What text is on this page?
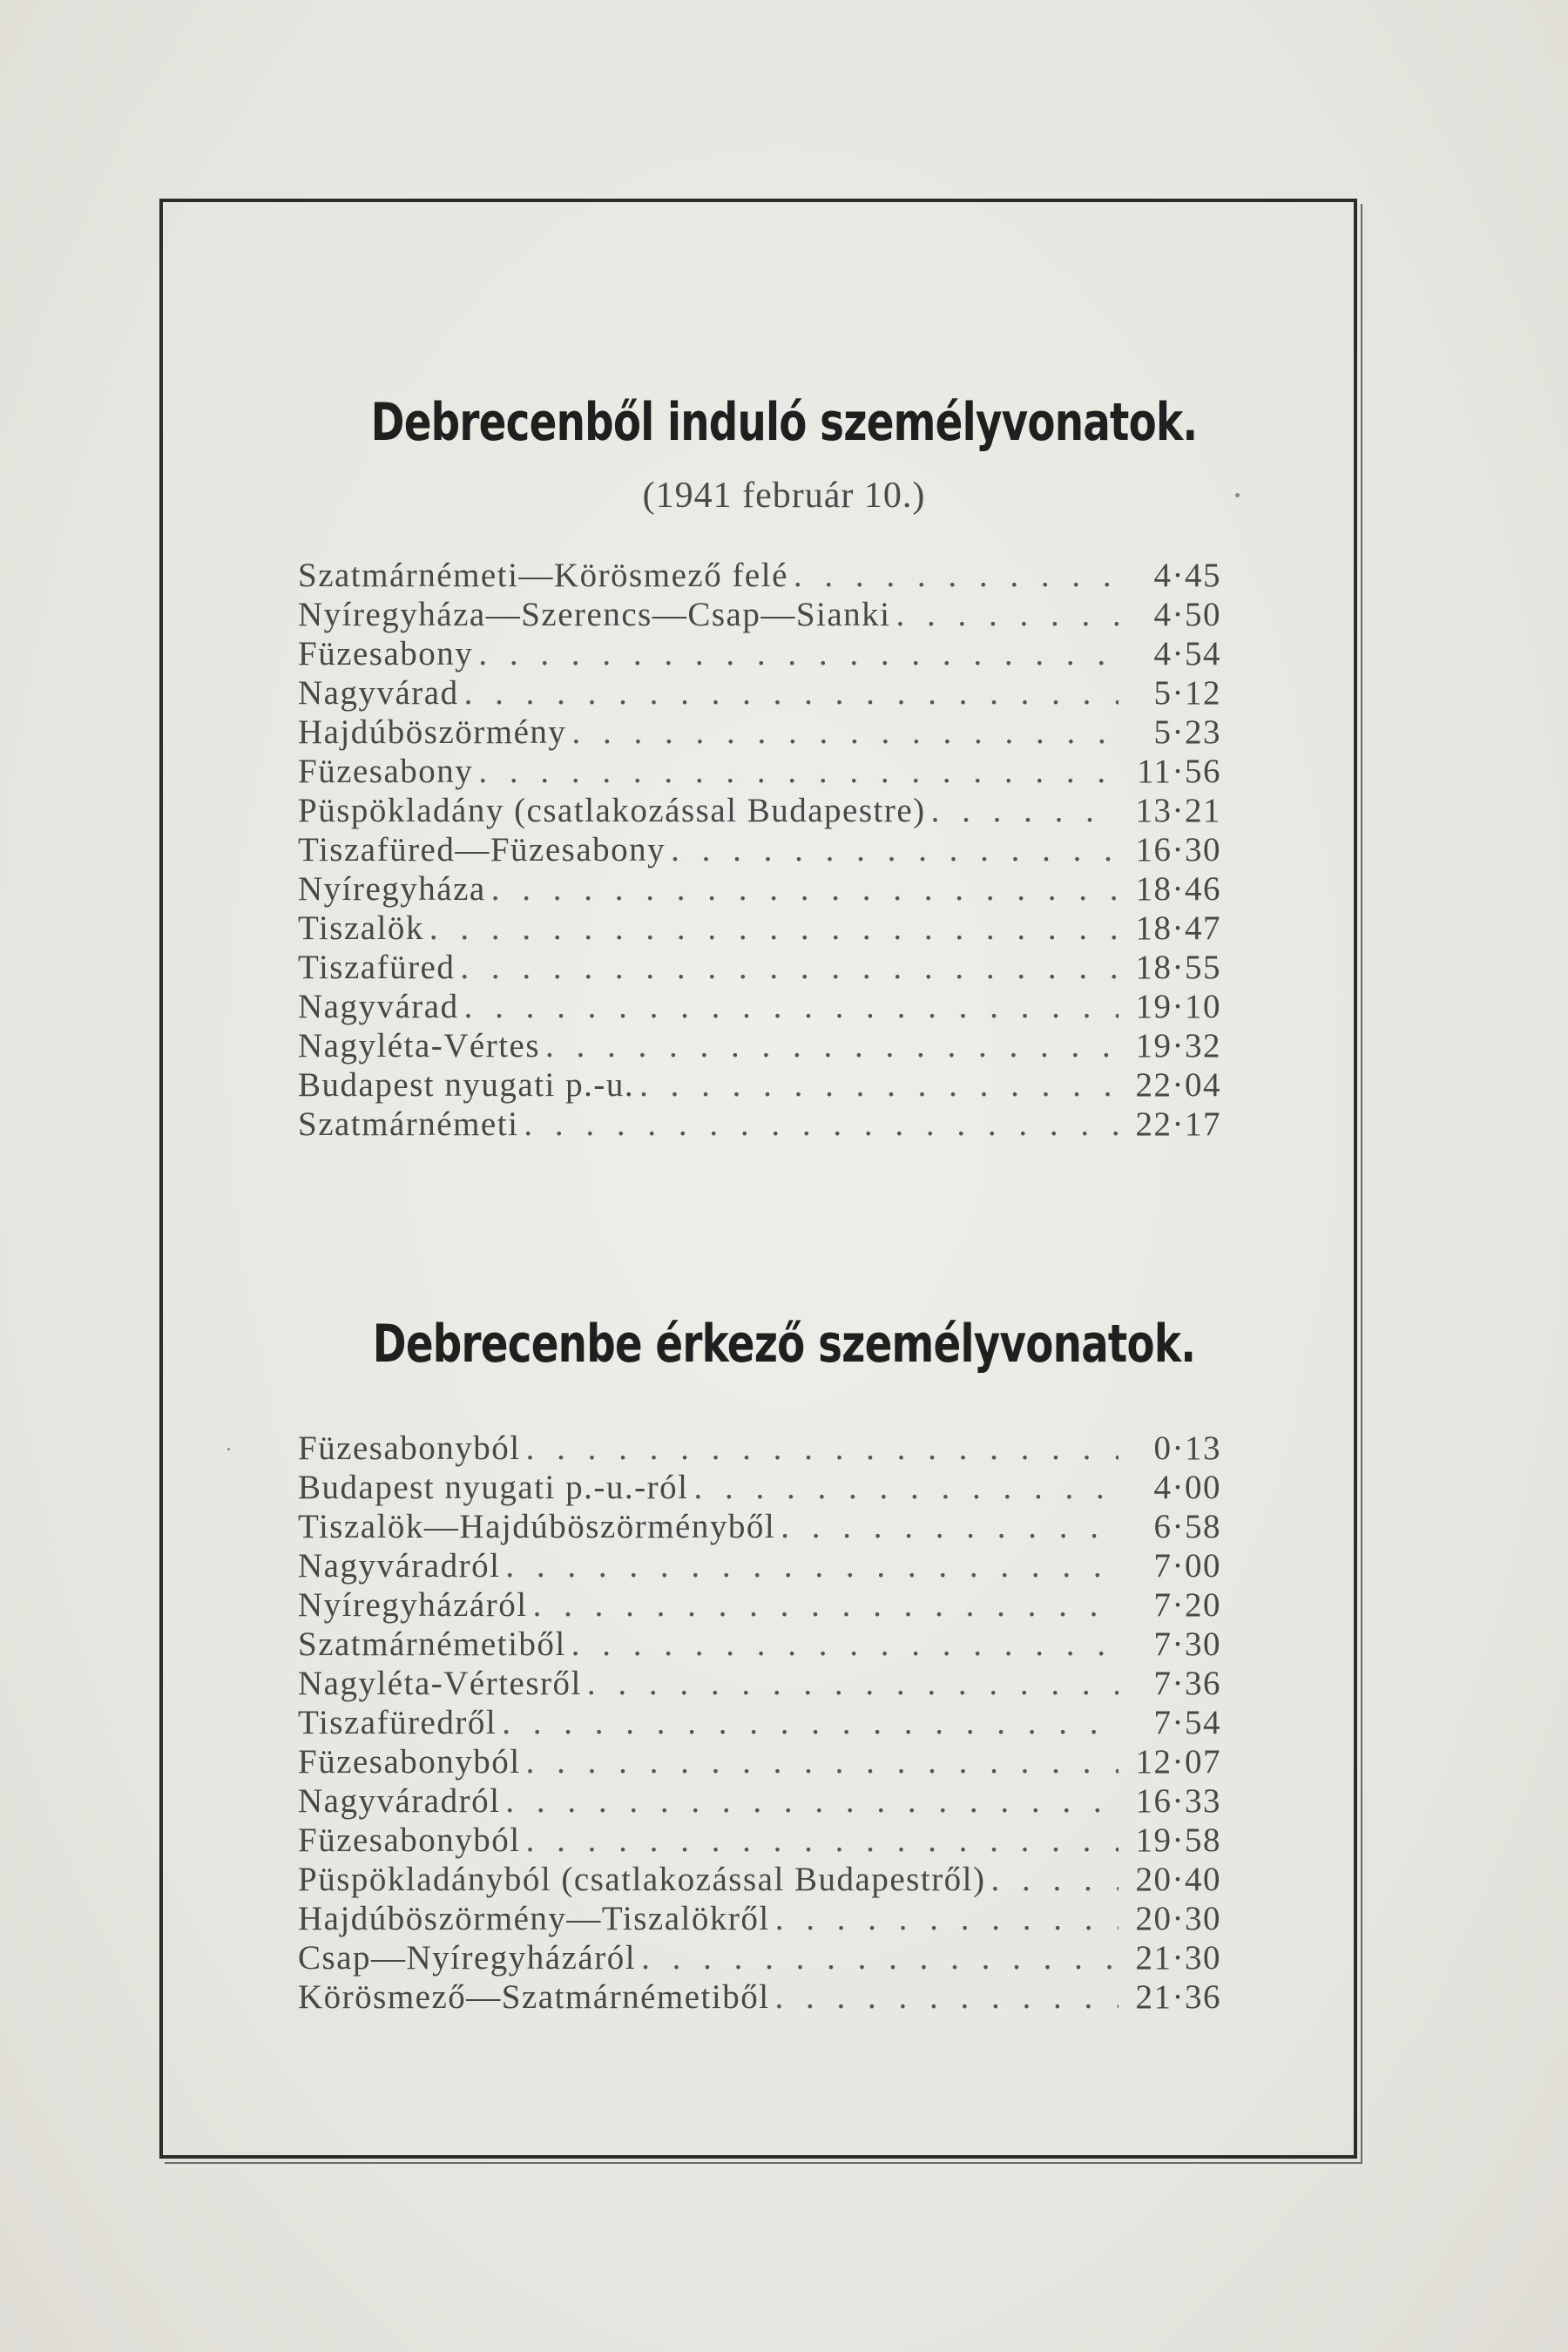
Debrecenből induló személyvonatok.
(1941 február 10.)
Szatmárnémeti—Körösmező felé . . .	4·45
Nyíregyháza—Szerencs—Csap—Sianki . . .	4·50
Füzesabony . . .	4·54
Nagyvárad . . .	5·12
Hajdúböszörmény . . .	5·23
Füzesabony . . .	11·56
Püspökladány (csatlakozással Budapestre) . . .	13·21
Tiszafüred—Füzesabony . . .	16·30
Nyíregyháza . . .	18·46
Tiszalök . . .	18·47
Tiszafüred . . .	18·55
Nagyvárad . . .	19·10
Nagyléta-Vértes . . .	19·32
Budapest nyugati p.-u. . . .	22·04
Szatmárnémeti . . .	22·17
Debrecenbe érkező személyvonatok.
Füzesabonyból . . .	0·13
Budapest nyugati p.-u.-ról . . .	4·00
Tiszalök—Hajdúböszörményből . . .	6·58
Nagyváradról . . .	7·00
Nyíregyházáról . . .	7·20
Szatmárnémetiből . . .	7·30
Nagyléta-Vértesről . . .	7·36
Tiszafüredről . . .	7·54
Füzesabonyból . . .	12·07
Nagyváradról . . .	16·33
Füzesabonyból . . .	19·58
Püspökladányból (csatlakozással Budapestről) . . .	20·40
Hajdúböszörmény—Tiszalökről . . .	20·30
Csap—Nyíregyházáról . . .	21·30
Körösmező—Szatmárnémetiből . . .	21·36
